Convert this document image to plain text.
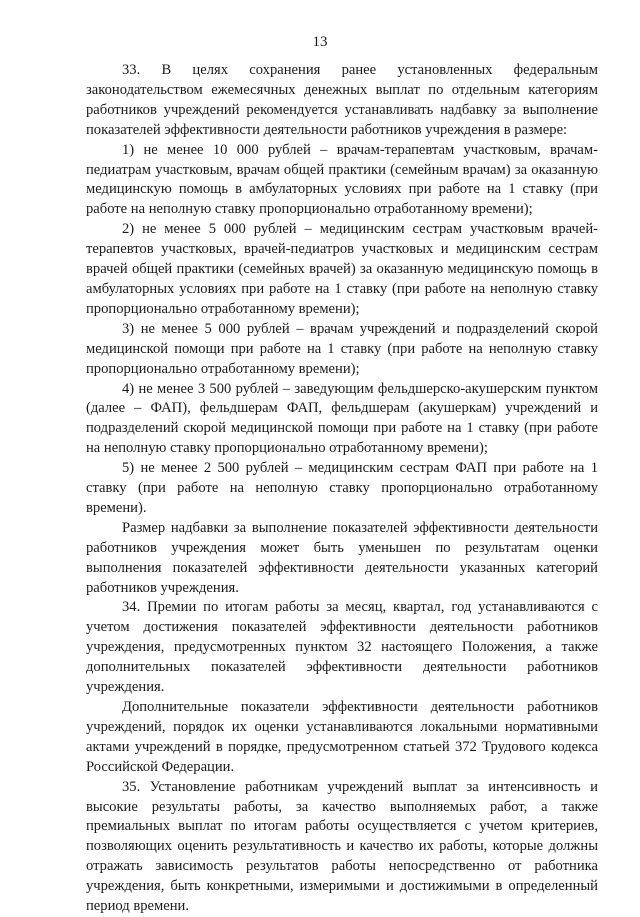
13

33. В целях сохранения ранее установленных федеральным законодательством ежемесячных денежных выплат по отдельным категориям работников учреждений рекомендуется устанавливать надбавку за выполнение показателей эффективности деятельности работников учреждения в размере:

1) не менее 10 000 рублей – врачам-терапевтам участковым, врачам-педиатрам участковым, врачам общей практики (семейным врачам) за оказанную медицинскую помощь в амбулаторных условиях при работе на 1 ставку (при работе на неполную ставку пропорционально отработанному времени);

2) не менее 5 000 рублей – медицинским сестрам участковым врачей-терапевтов участковых, врачей-педиатров участковых и медицинским сестрам врачей общей практики (семейных врачей) за оказанную медицинскую помощь в амбулаторных условиях при работе на 1 ставку (при работе на неполную ставку пропорционально отработанному времени);

3) не менее 5 000 рублей – врачам учреждений и подразделений скорой медицинской помощи при работе на 1 ставку (при работе на неполную ставку пропорционально отработанному времени);

4) не менее 3 500 рублей – заведующим фельдшерско-акушерским пунктом (далее – ФАП), фельдшерам ФАП, фельдшерам (акушеркам) учреждений и подразделений скорой медицинской помощи при работе на 1 ставку (при работе на неполную ставку пропорционально отработанному времени);

5) не менее 2 500 рублей – медицинским сестрам ФАП при работе на 1 ставку (при работе на неполную ставку пропорционально отработанному времени).

Размер надбавки за выполнение показателей эффективности деятельности работников учреждения может быть уменьшен по результатам оценки выполнения показателей эффективности деятельности указанных категорий работников учреждения.

34. Премии по итогам работы за месяц, квартал, год устанавливаются с учетом достижения показателей эффективности деятельности работников учреждения, предусмотренных пунктом 32 настоящего Положения, а также дополнительных показателей эффективности деятельности работников учреждения.

Дополнительные показатели эффективности деятельности работников учреждений, порядок их оценки устанавливаются локальными нормативными актами учреждений в порядке, предусмотренном статьей 372 Трудового кодекса Российской Федерации.

35. Установление работникам учреждений выплат за интенсивность и высокие результаты работы, за качество выполняемых работ, а также премиальных выплат по итогам работы осуществляется с учетом критериев, позволяющих оценить результативность и качество их работы, которые должны отражать зависимость результатов работы непосредственно от работника учреждения, быть конкретными, измеримыми и достижимыми в определенный период времени.
